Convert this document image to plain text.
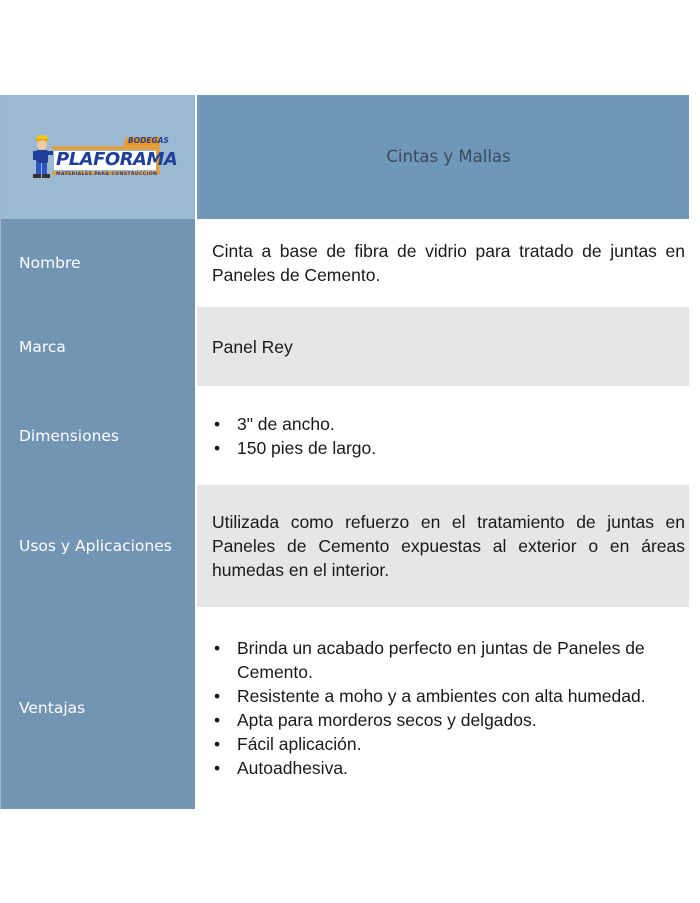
BODEGAS
PLAFORAMA
MATERIALES PARA CONSTRUCCION
Cintas y Mallas
Nombre
Cinta a base de fibra de vidrio para tratado de juntas en Paneles de Cemento.
Marca	Panel Rey
Dimensiones
• 3" de ancho.
• 150 pies de largo.
Usos y Aplicaciones
Utilizada como refuerzo en el tratamiento de juntas en Paneles de Cemento expuestas al exterior o en áreas humedas en el interior.
Ventajas
• Brinda un acabado perfecto en juntas de Paneles de Cemento.
• Resistente a moho y a ambientes con alta humedad.
• Apta para morderos secos y delgados.
• Fácil aplicación.
• Autoadhesiva.
